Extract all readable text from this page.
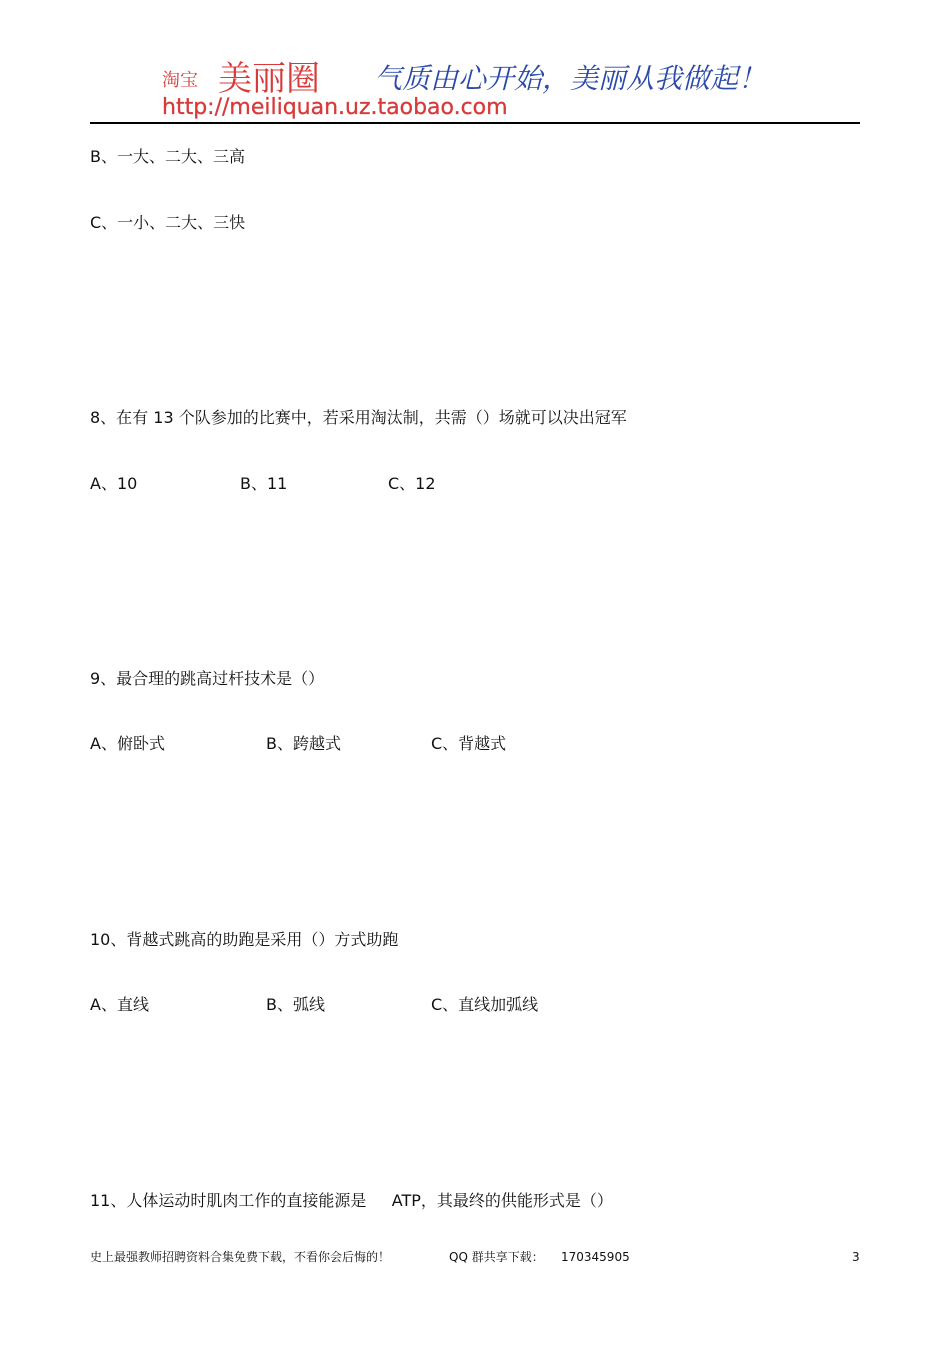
淘宝 美丽圈 气质由心开始，美丽从我做起！
http://meiliquan.uz.taobao.com
B、一大、二大、三高
C、一小、二大、三快
8、在有 13 个队参加的比赛中，若采用淘汰制，共需（）场就可以决出冠军
A、10	B、11	C、12
9、最合理的跳高过杆技术是（）
A、俯卧式	B、跨越式	C、背越式
10、背越式跳高的助跑是采用（）方式助跑
A、直线	B、弧线	C、直线加弧线
11、人体运动时肌肉工作的直接能源是     ATP，其最终的供能形式是（）
史上最强教师招聘资料合集免费下载，不看你会后悔的！	QQ 群共享下载： 170345905	3
